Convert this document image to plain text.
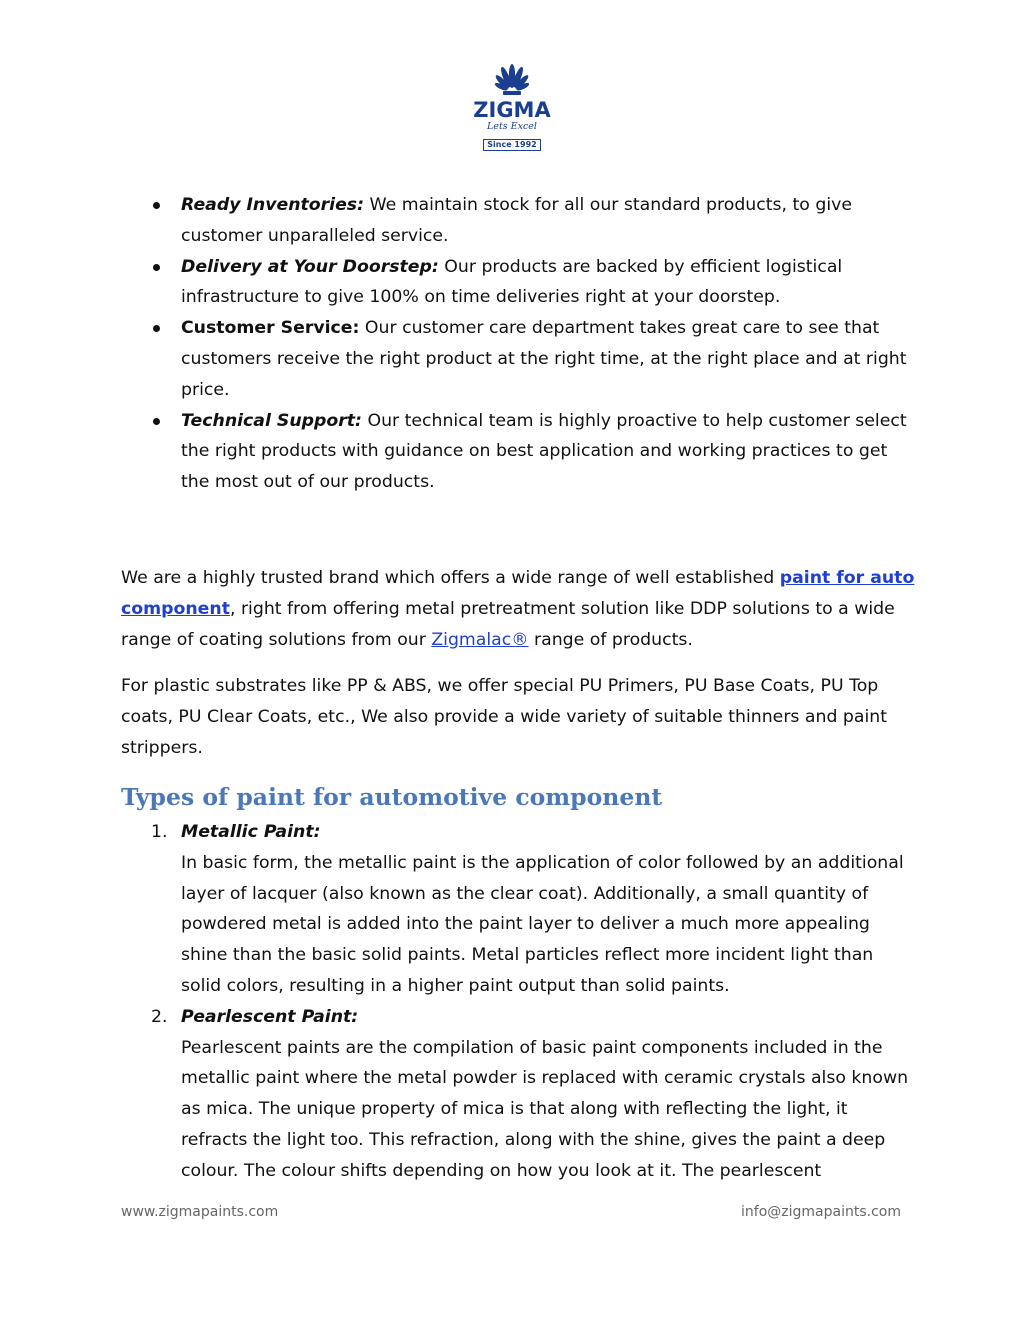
ZIGMA
Lets Excel
Since 1992
Ready Inventories: We maintain stock for all our standard products, to give customer unparalleled service.
Delivery at Your Doorstep: Our products are backed by efficient logistical infrastructure to give 100% on time deliveries right at your doorstep.
Customer Service: Our customer care department takes great care to see that customers receive the right product at the right time, at the right place and at right price.
Technical Support: Our technical team is highly proactive to help customer select the right products with guidance on best application and working practices to get the most out of our products.

We are a highly trusted brand which offers a wide range of well established paint for auto component, right from offering metal pretreatment solution like DDP solutions to a wide range of coating solutions from our Zigmalac® range of products.

For plastic substrates like PP & ABS, we offer special PU Primers, PU Base Coats, PU Top coats, PU Clear Coats, etc., We also provide a wide variety of suitable thinners and paint strippers.

Types of paint for automotive component
1. Metallic Paint:
In basic form, the metallic paint is the application of color followed by an additional layer of lacquer (also known as the clear coat). Additionally, a small quantity of powdered metal is added into the paint layer to deliver a much more appealing shine than the basic solid paints. Metal particles reflect more incident light than solid colors, resulting in a higher paint output than solid paints.
2. Pearlescent Paint:
Pearlescent paints are the compilation of basic paint components included in the metallic paint where the metal powder is replaced with ceramic crystals also known as mica. The unique property of mica is that along with reflecting the light, it refracts the light too. This refraction, along with the shine, gives the paint a deep colour. The colour shifts depending on how you look at it. The pearlescent
www.zigmapaints.com	info@zigmapaints.com
